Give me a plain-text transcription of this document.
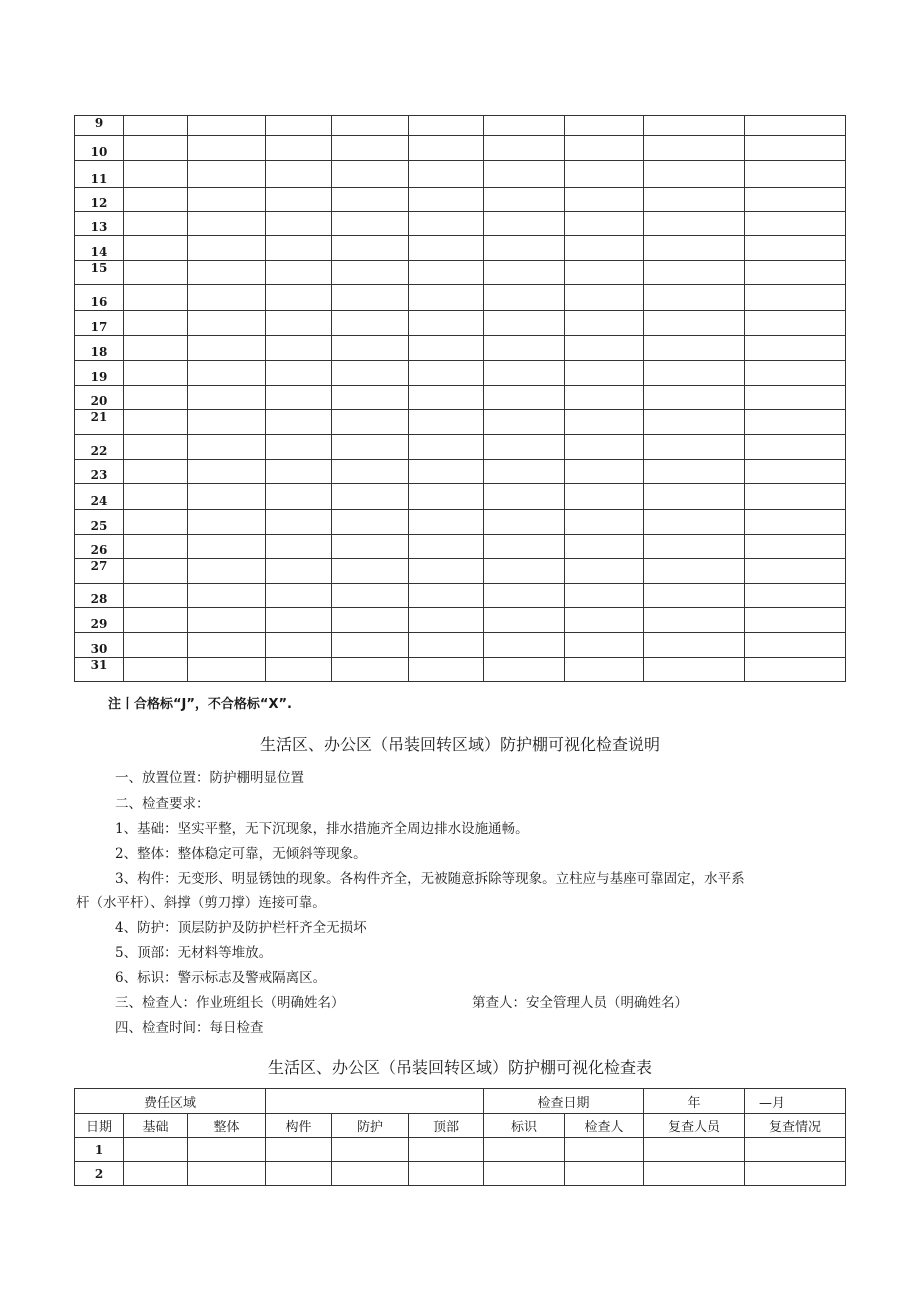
9									
10									
11									
12									
13									
14									
15									
16									
17									
18									
19									
20									
21									
22									
23									
24									
25									
26									
27									
28									
29									
30									
31									
注丨合格标“J”，不合格标“X”.
生活区、办公区（吊装回转区域）防护棚可视化检查说明
一、放置位置：防护棚明显位置
二、检查要求：
1、基础：坚实平整，无下沉现象，排水措施齐全周边排水设施通畅。
2、整体：整体稳定可靠，无倾斜等现象。
3、构件：无变形、明显锈蚀的现象。各构件齐全，无被随意拆除等现象。立柱应与基座可靠固定，水平系
杆（水平杆）、斜撑（剪刀撑）连接可靠。
4、防护：顶层防护及防护栏杆齐全无损坏
5、顶部：无材料等堆放。
6、标识：警示标志及警戒隔离区。
三、检查人：作业班组长（明确姓名）	第查人：安全管理人员（明确姓名）
四、检查时间：每日检查
生活区、办公区（吊装回转区域）防护棚可视化检查表
费任区域						检查日期		年	—月
日期	基础	整体	构件	防护	顶部	标识	检查人	复查人员	复查情况
1									
2									
